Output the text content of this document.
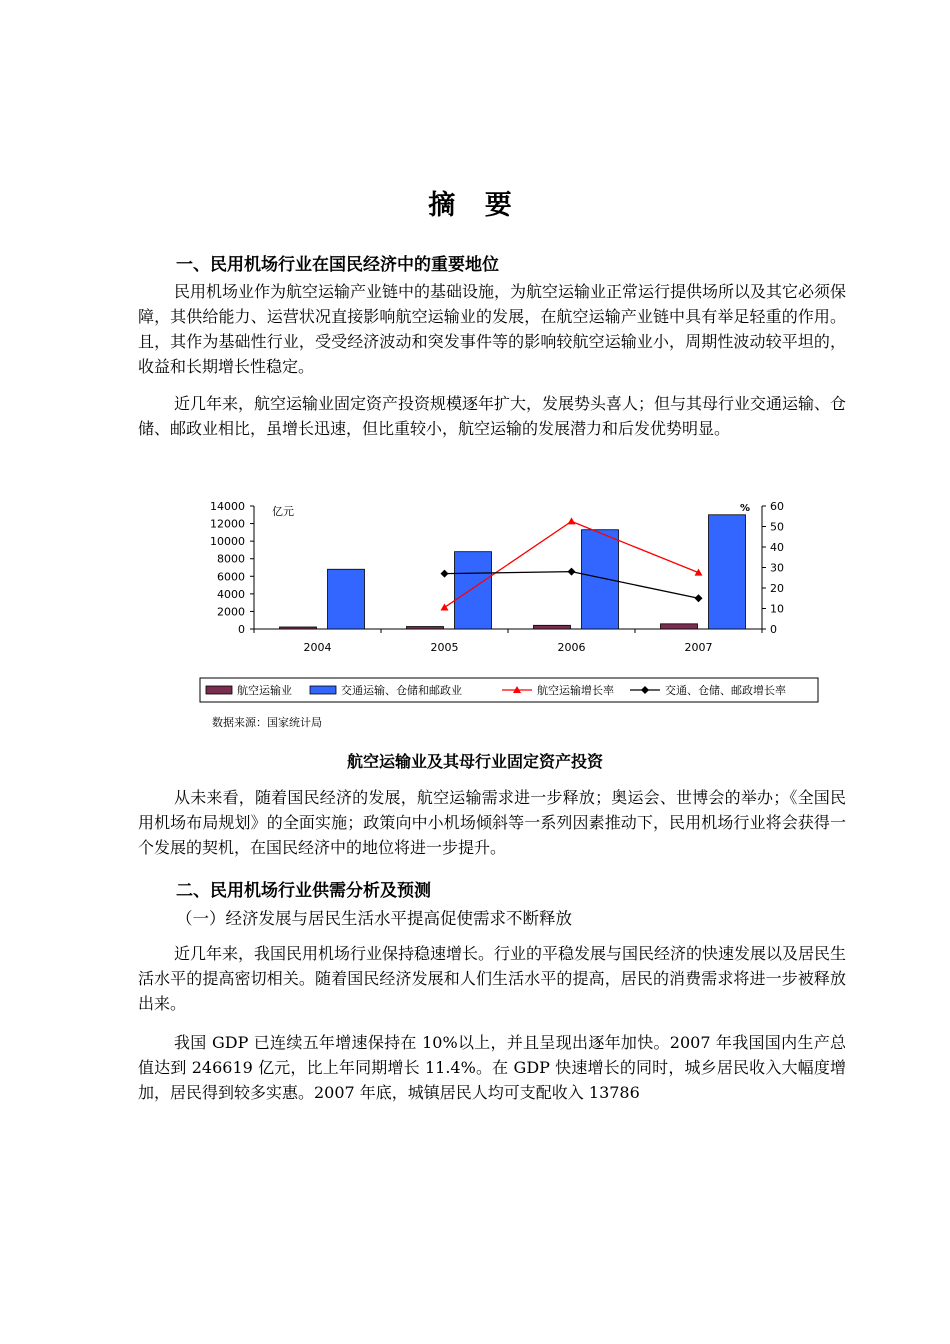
摘 要
一、民用机场行业在国民经济中的重要地位

民用机场业作为航空运输产业链中的基础设施，为航空运输业正常运行提供场所以及其它必须保障，其供给能力、运营状况直接影响航空运输业的发展，在航空运输产业链中具有举足轻重的作用。且，其作为基础性行业，受受经济波动和突发事件等的影响较航空运输业小，周期性波动较平坦的，收益和长期增长性稳定。

近几年来，航空运输业固定资产投资规模逐年扩大，发展势头喜人；但与其母行业交通运输、仓储、邮政业相比，虽增长迅速，但比重较小，航空运输的发展潜力和后发优势明显。

14000
12000
10000
8000
6000
4000
2000
0
60
50
40
30
20
10
0
亿元	%
2004	2005	2006	2007
航空运输业	交通运输、仓储和邮政业	航空运输增长率	交通、仓储、邮政增长率
数据来源：国家统计局
航空运输业及其母行业固定资产投资

从未来看，随着国民经济的发展，航空运输需求进一步释放；奥运会、世博会的举办；《全国民用机场布局规划》的全面实施；政策向中小机场倾斜等一系列因素推动下，民用机场行业将会获得一个发展的契机，在国民经济中的地位将进一步提升。

二、民用机场行业供需分析及预测
（一）经济发展与居民生活水平提高促使需求不断释放

近几年来，我国民用机场行业保持稳速增长。行业的平稳发展与国民经济的快速发展以及居民生活水平的提高密切相关。随着国民经济发展和人们生活水平的提高，居民的消费需求将进一步被释放出来。

我国 GDP 已连续五年增速保持在 10%以上，并且呈现出逐年加快。2007 年我国国内生产总值达到 246619 亿元，比上年同期增长 11.4%。在 GDP 快速增长的同时，城乡居民收入大幅度增加，居民得到较多实惠。2007 年底，城镇居民人均可支配收入 13786
